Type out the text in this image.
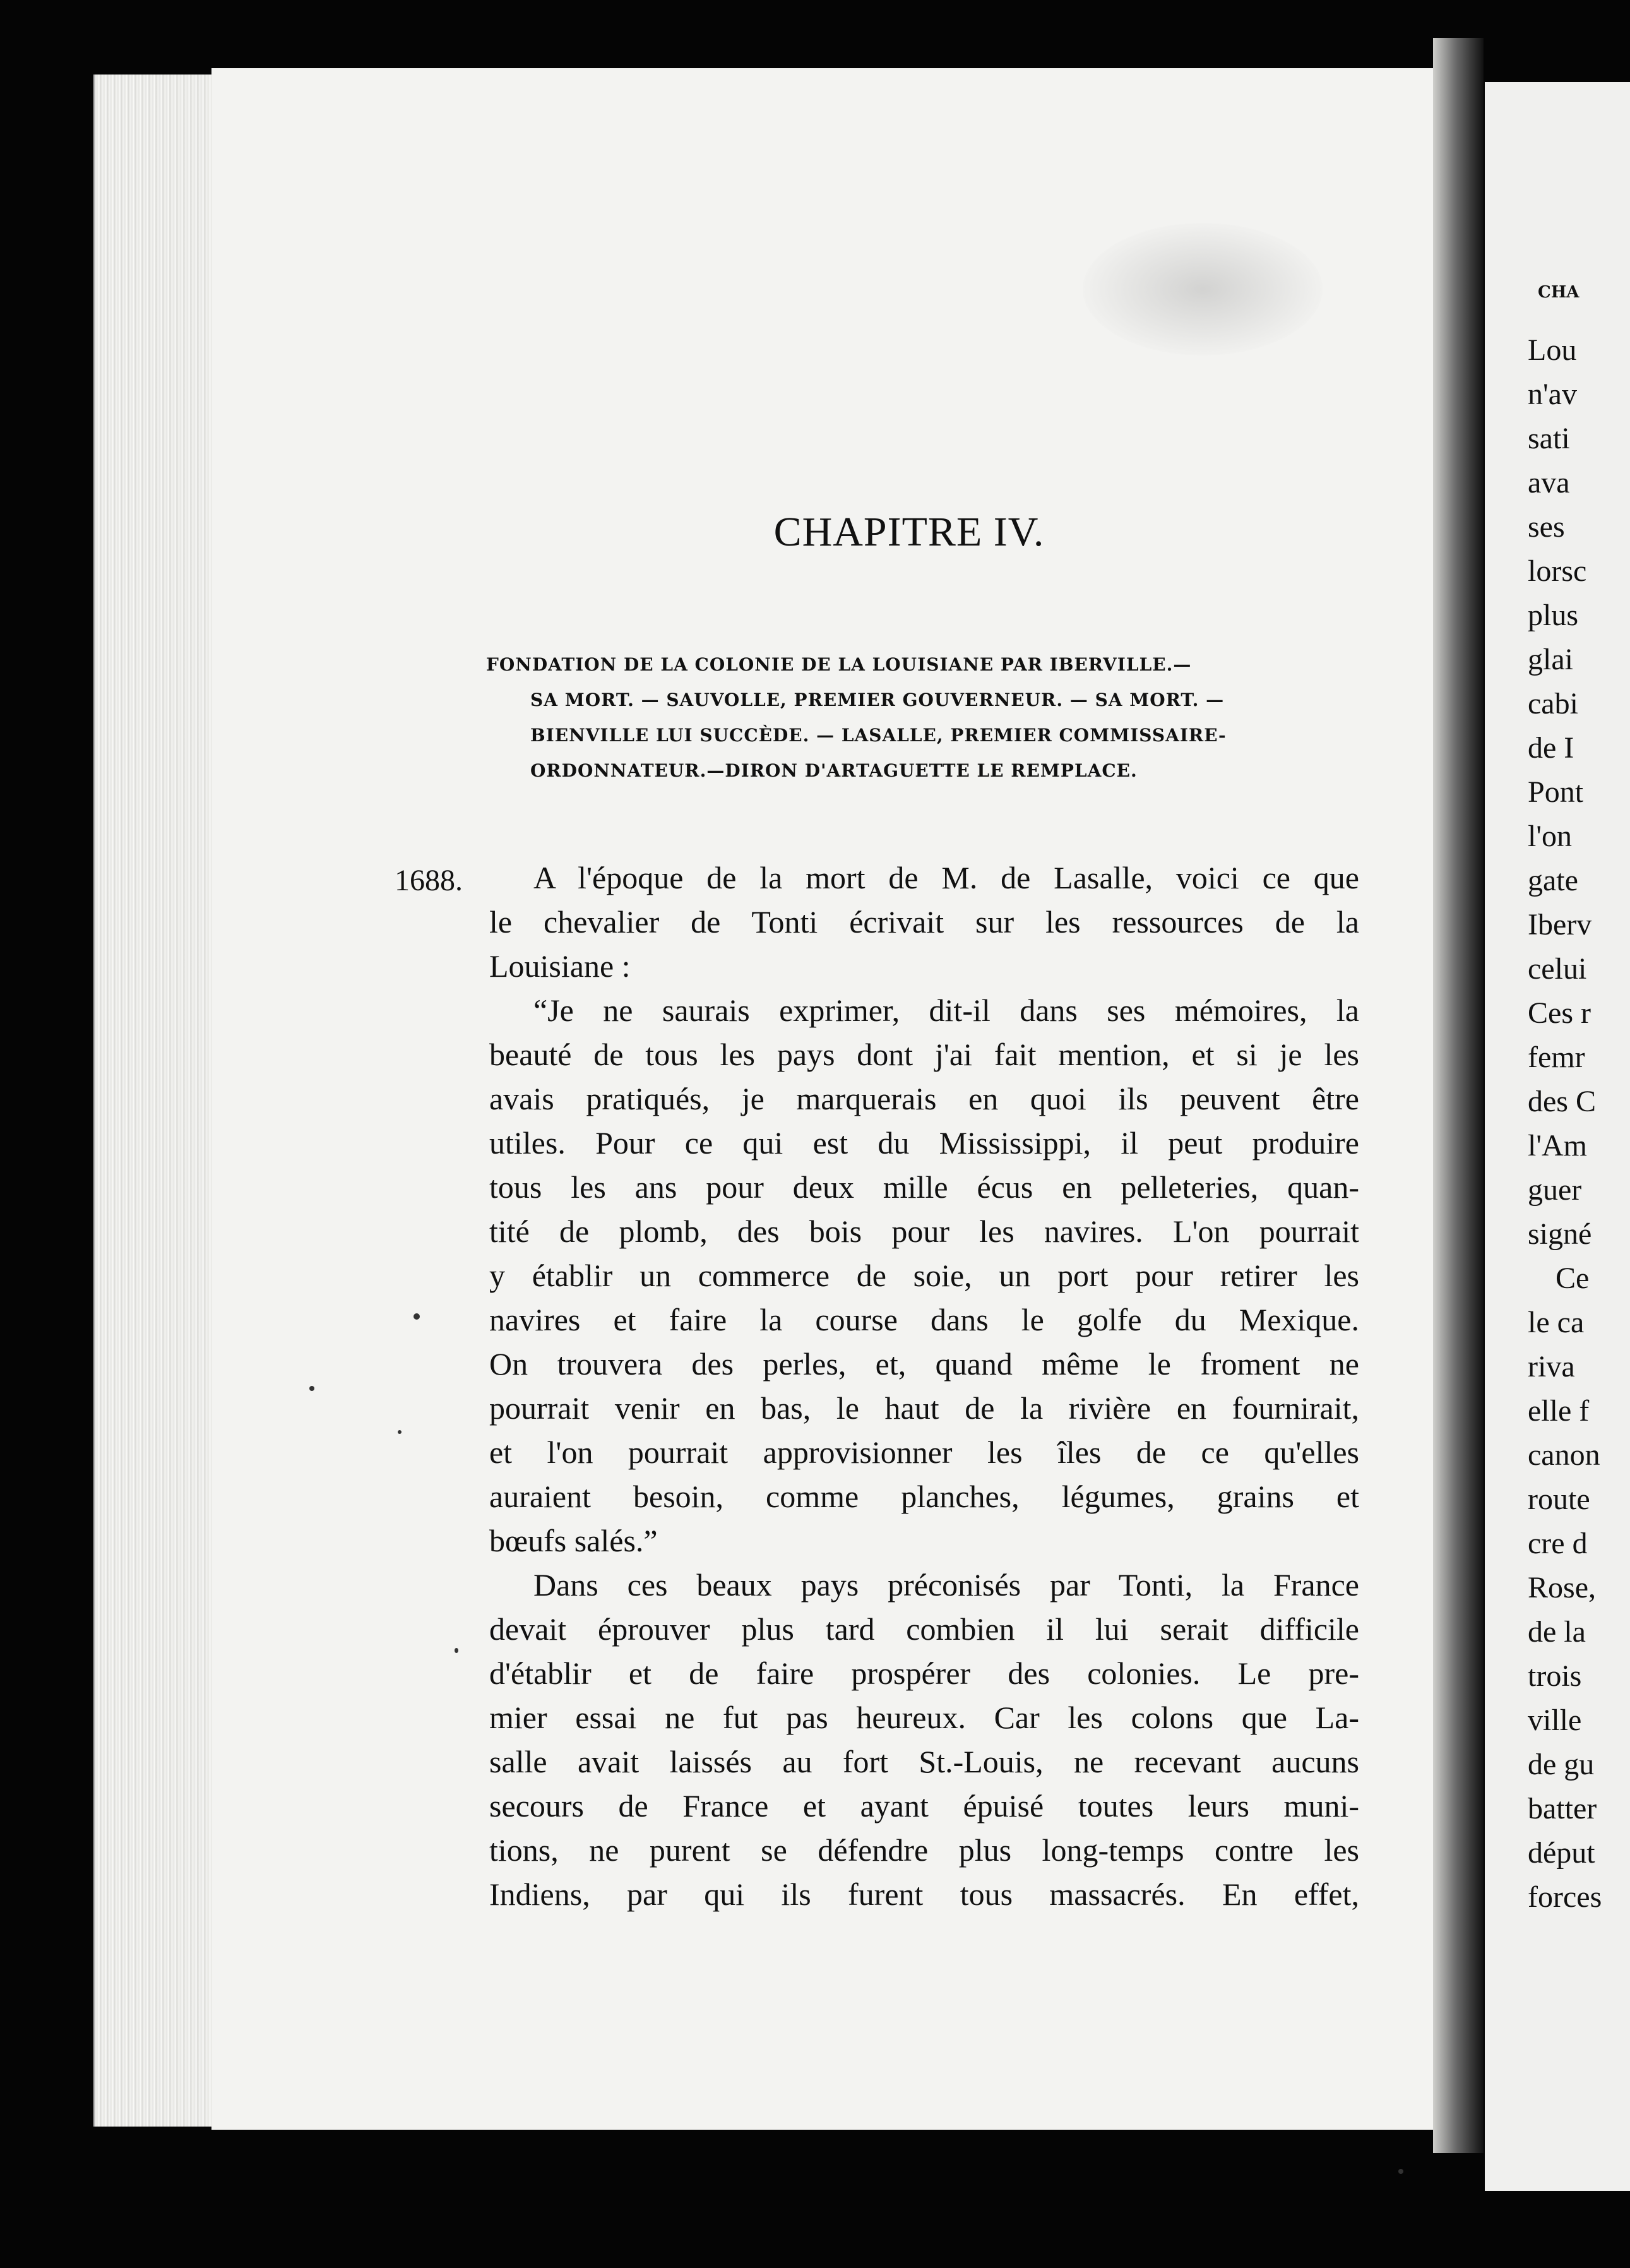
CHAPITRE IV.
FONDATION DE LA COLONIE DE LA LOUISIANE PAR IBERVILLE.—
SA MORT. — SAUVOLLE, PREMIER GOUVERNEUR. — SA MORT. —
BIENVILLE LUI SUCCÈDE. — LASALLE, PREMIER COMMISSAIRE-
ORDONNATEUR.—DIRON D'ARTAGUETTE LE REMPLACE.
1688.	A l'époque de la mort de M. de Lasalle, voici ce que
le chevalier de Tonti écrivait sur les ressources de la
Louisiane :
“Je ne saurais exprimer, dit-il dans ses mémoires, la
beauté de tous les pays dont j'ai fait mention, et si je les
avais pratiqués, je marquerais en quoi ils peuvent être
utiles. Pour ce qui est du Mississippi, il peut produire
tous les ans pour deux mille écus en pelleteries, quan-
tité de plomb, des bois pour les navires. L'on pourrait
y établir un commerce de soie, un port pour retirer les
navires et faire la course dans le golfe du Mexique.
On trouvera des perles, et, quand même le froment ne
pourrait venir en bas, le haut de la rivière en fournirait,
et l'on pourrait approvisionner les îles de ce qu'elles
auraient besoin, comme planches, légumes, grains et
bœufs salés.”
Dans ces beaux pays préconisés par Tonti, la France
devait éprouver plus tard combien il lui serait difficile
d'établir et de faire prospérer des colonies. Le pre-
mier essai ne fut pas heureux. Car les colons que La-
salle avait laissés au fort St.-Louis, ne recevant aucuns
secours de France et ayant épuisé toutes leurs muni-
tions, ne purent se défendre plus long-temps contre les
Indiens, par qui ils furent tous massacrés. En effet,
CHA
Lou
n'av
sati
ava
ses
lorsc
plus
glai
cabi
de I
Pont
l'on
gate
Iberv
celui
Ces r
femr
des C
l'Am
guer
signé
Ce
le ca
riva
elle f
canon
route
cre d
Rose,
de la
trois
ville
de gu
batter
déput
forces
